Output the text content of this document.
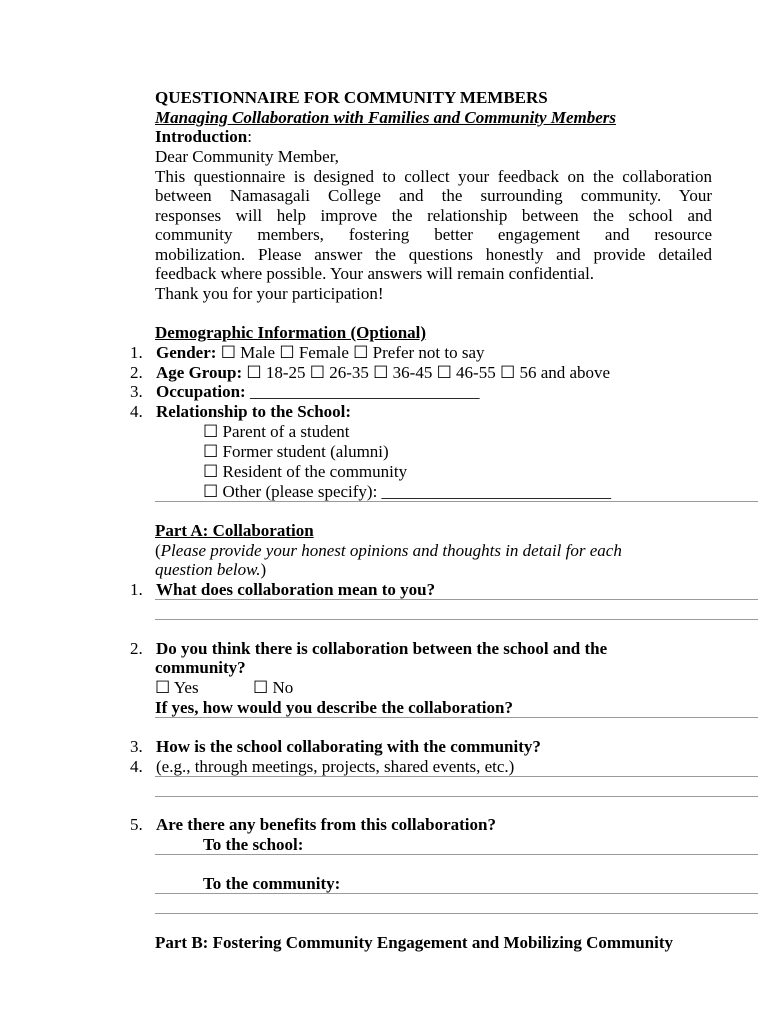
QUESTIONNAIRE FOR COMMUNITY MEMBERS
Managing Collaboration with Families and Community Members
Introduction:
Dear Community Member,
This questionnaire is designed to collect your feedback on the collaboration
between Namasagali College and the surrounding community. Your
responses will help improve the relationship between the school and
community members, fostering better engagement and resource
mobilization. Please answer the questions honestly and provide detailed
feedback where possible. Your answers will remain confidential.
Thank you for your participation!
Demographic Information (Optional)
1. Gender: ☐ Male ☐ Female ☐ Prefer not to say
2. Age Group: ☐ 18-25 ☐ 26-35 ☐ 36-45 ☐ 46-55 ☐ 56 and above
3. Occupation: ___________________________
4. Relationship to the School:
☐ Parent of a student
☐ Former student (alumni)
☐ Resident of the community
☐ Other (please specify): ___________________________
Part A: Collaboration
(Please provide your honest opinions and thoughts in detail for each
question below.)
1. What does collaboration mean to you?
2. Do you think there is collaboration between the school and the
community?
☐ Yes	☐ No
If yes, how would you describe the collaboration?
3. How is the school collaborating with the community?
4. (e.g., through meetings, projects, shared events, etc.)
5. Are there any benefits from this collaboration?
To the school:
To the community:
Part B: Fostering Community Engagement and Mobilizing Community
